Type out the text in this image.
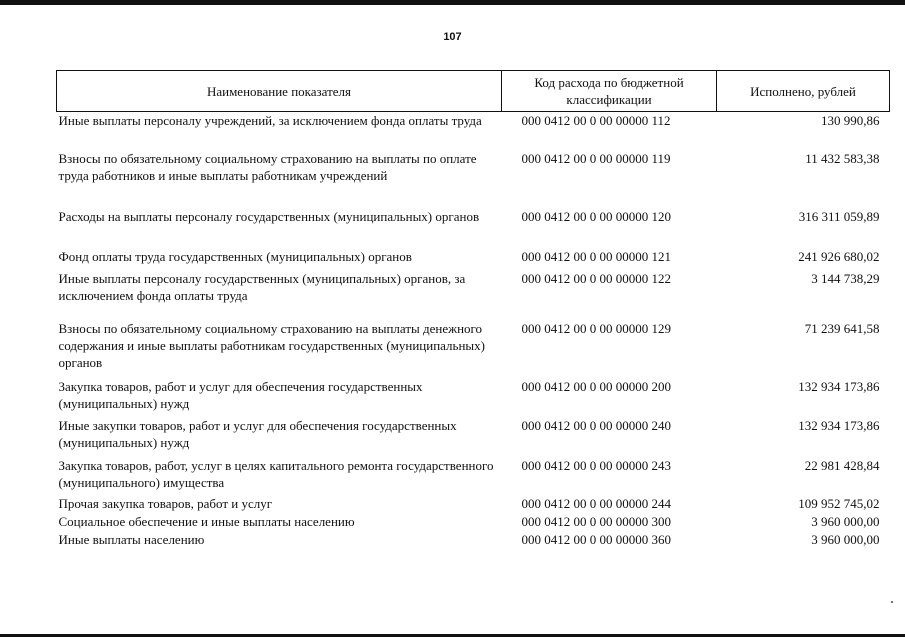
107
Наименование показателя	Код расхода по бюджетной классификации	Исполнено, рублей
Иные выплаты персоналу учреждений, за исключением фонда оплаты труда	000 0412 00 0 00 00000 112	130 990,86
Взносы по обязательному социальному страхованию на выплаты по оплате труда работников и иные выплаты работникам учреждений	000 0412 00 0 00 00000 119	11 432 583,38
Расходы на выплаты персоналу государственных (муниципальных) органов	000 0412 00 0 00 00000 120	316 311 059,89
Фонд оплаты труда государственных (муниципальных) органов	000 0412 00 0 00 00000 121	241 926 680,02
Иные выплаты персоналу государственных (муниципальных) органов, за исключением фонда оплаты труда	000 0412 00 0 00 00000 122	3 144 738,29
Взносы по обязательному социальному страхованию на выплаты денежного содержания и иные выплаты работникам государственных (муниципальных) органов	000 0412 00 0 00 00000 129	71 239 641,58
Закупка товаров, работ и услуг для обеспечения государственных (муниципальных) нужд	000 0412 00 0 00 00000 200	132 934 173,86
Иные закупки товаров, работ и услуг для обеспечения государственных (муниципальных) нужд	000 0412 00 0 00 00000 240	132 934 173,86
Закупка товаров, работ, услуг в целях капитального ремонта государственного (муниципального) имущества	000 0412 00 0 00 00000 243	22 981 428,84
Прочая закупка товаров, работ и услуг	000 0412 00 0 00 00000 244	109 952 745,02
Социальное обеспечение и иные выплаты населению	000 0412 00 0 00 00000 300	3 960 000,00
Иные выплаты населению	000 0412 00 0 00 00000 360	3 960 000,00
